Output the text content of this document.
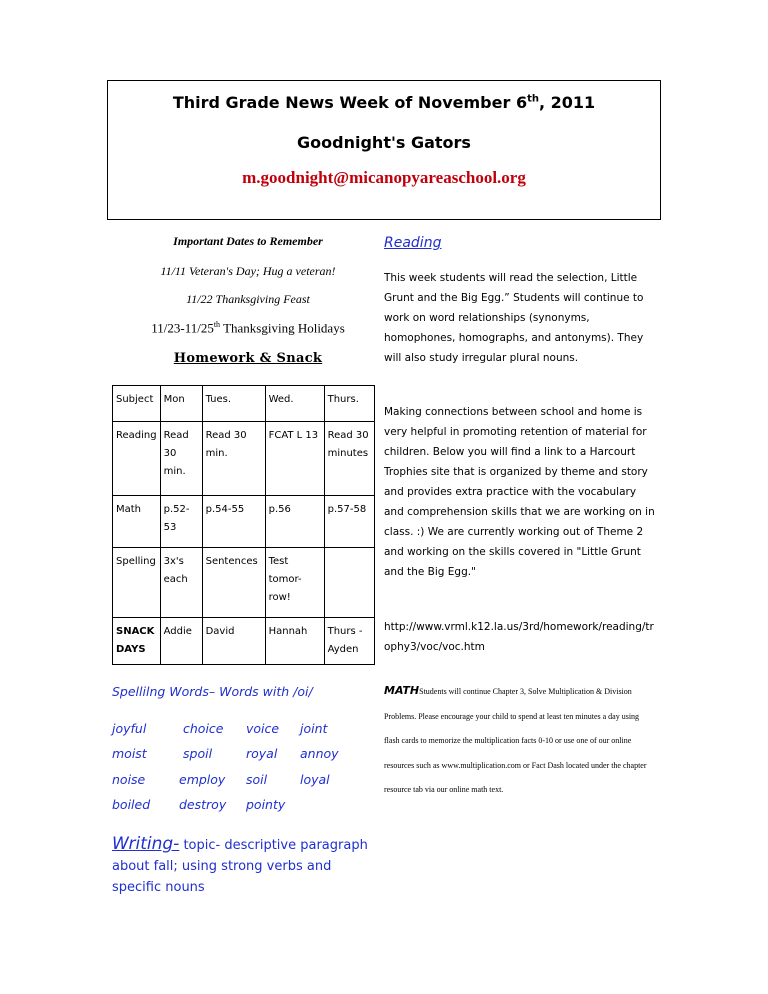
Third Grade News Week of November 6th, 2011
Goodnight's Gators
m.goodnight@micanopyareaschool.org
Important Dates to Remember
11/11 Veteran's Day; Hug a veteran!
11/22 Thanksgiving Feast
11/23-11/25th Thanksgiving Holidays
Homework & Snack
Subject	Mon	Tues.	Wed.	Thurs.
Reading	Read 30 min.	Read 30 min.	FCAT L 13	Read 30 minutes
Math	p.52-53	p.54-55	p.56	p.57-58
Spelling	3x's each	Sentences	Test tomor-row!	
SNACK DAYS	Addie	David	Hannah	Thurs - Ayden
Spellilng Words– Words with /oi/
joyful	choice voice joint
moist	spoil	royal annoy
noise	employ soil	loyal
boiled destroy pointy
Writing- topic- descriptive paragraph about fall; using strong verbs and specific nouns
Reading
This week students will read the selection, Little Grunt and the Big Egg.” Students will continue to work on word relationships (synonyms, homophones, homographs, and antonyms). They will also study irregular plural nouns.
Making connections between school and home is very helpful in promoting retention of material for children. Below you will find a link to a Harcourt Trophies site that is organized by theme and story and provides extra practice with the vocabulary and comprehension skills that we are working on in class. :) We are currently working out of Theme 2 and working on the skills covered in "Little Grunt and the Big Egg."
http://www.vrml.k12.la.us/3rd/homework/reading/trophy3/voc/voc.htm
MATHStudents will continue Chapter 3, Solve Multiplication & Division Problems. Please encourage your child to spend at least ten minutes a day using flash cards to memorize the multiplication facts 0-10 or use one of our online resources such as www.multiplication.com or Fact Dash located under the chapter resource tab via our online math text.
